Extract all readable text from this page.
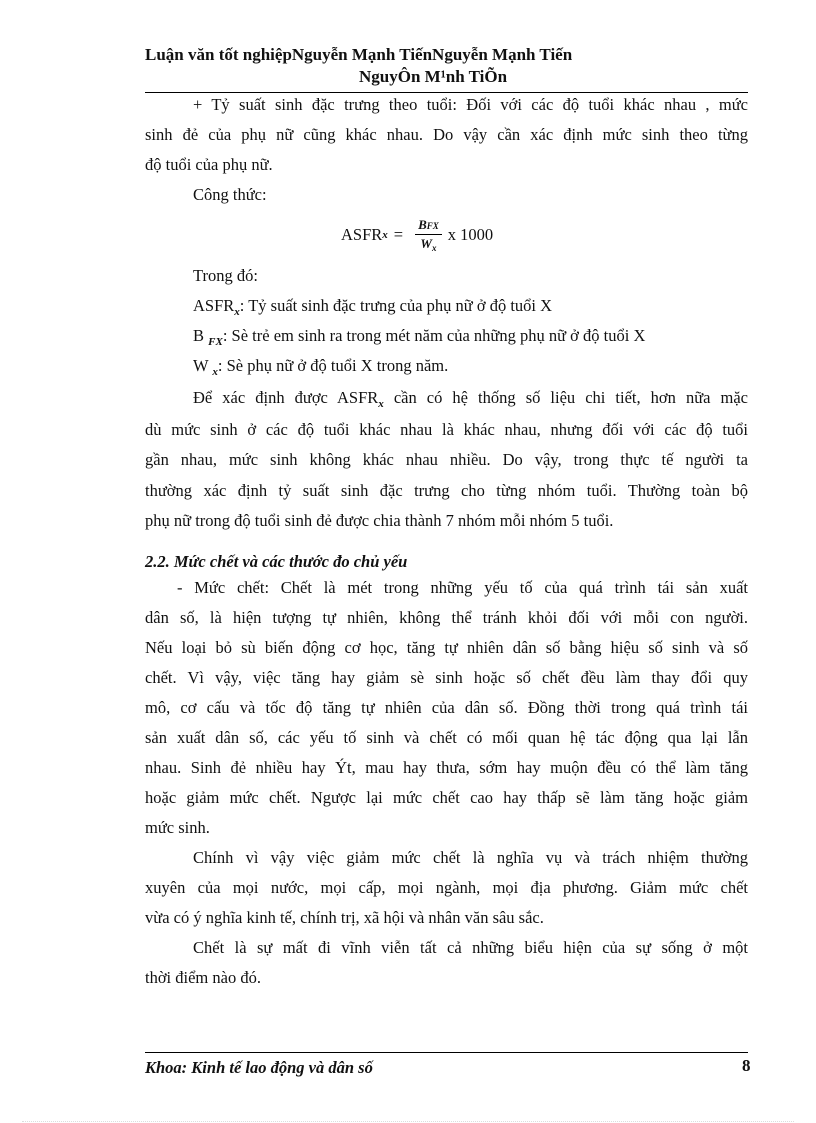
Luận văn tốt nghiệpNguyễn Mạnh TiếnNguyễn Mạnh Tiến
NguyÔn M¹nh TiÕn
+ Tỷ suất sinh đặc trưng theo tuổi: Đối với các độ tuổi khác nhau , mức
sinh đẻ của phụ nữ cũng khác nhau. Do vậy cần xác định mức sinh theo từng
độ tuổi của phụ nữ.
Công thức:
ASFR $x = \frac{\text{BFX}}{W_x}$ x 1000
Trong đó:
$ASFR_x$: Tỷ suất sinh đặc trưng của phụ nữ ở độ tuổi X
B $_{FX}$: Sè trẻ em sinh ra trong mét năm của những phụ nữ ở độ tuổi X
W $_x$: Sè phụ nữ ở độ tuổi X trong năm.
Để xác định được $ASFR_x$ cần có hệ thống số liệu chi tiết, hơn nữa mặc
dù mức sinh ở các độ tuổi khác nhau là khác nhau, nhưng đối với các độ tuổi
gần nhau, mức sinh không khác nhau nhiều. Do vậy, trong thực tế người ta
thường xác định tỷ suất sinh đặc trưng cho từng nhóm tuổi. Thường toàn bộ
phụ nữ trong độ tuổi sinh đẻ được chia thành 7 nhóm mỗi nhóm 5 tuổi.
2.2. Mức chết và các thước đo chủ yếu
- Mức chết: Chết là mét trong những yếu tố của quá trình tái sản xuất
dân số, là hiện tượng tự nhiên, không thể tránh khỏi đối với mỗi con người.
Nếu loại bỏ sù biến động cơ học, tăng tự nhiên dân số bằng hiệu số sinh và số
chết. Vì vậy, việc tăng hay giảm sè sinh hoặc số chết đều làm thay đổi quy
mô, cơ cấu và tốc độ tăng tự nhiên của dân số. Đồng thời trong quá trình tái
sản xuất dân số, các yếu tố sinh và chết có mối quan hệ tác động qua lại lẫn
nhau. Sinh đẻ nhiều hay Ýt, mau hay thưa, sớm hay muộn đều có thể làm tăng
hoặc giảm mức chết. Ngược lại mức chết cao hay thấp sẽ làm tăng hoặc giảm
mức sinh.
Chính vì vậy việc giảm mức chết là nghĩa vụ và trách nhiệm thường
xuyên của mọi nước, mọi cấp, mọi ngành, mọi địa phương. Giảm mức chết
vừa có ý nghĩa kinh tế, chính trị, xã hội và nhân văn sâu sắc.
Chết là sự mất đi vĩnh viễn tất cả những biểu hiện của sự sống ở một
thời điểm nào đó.
Khoa: Kinh tế lao động và dân số	8
